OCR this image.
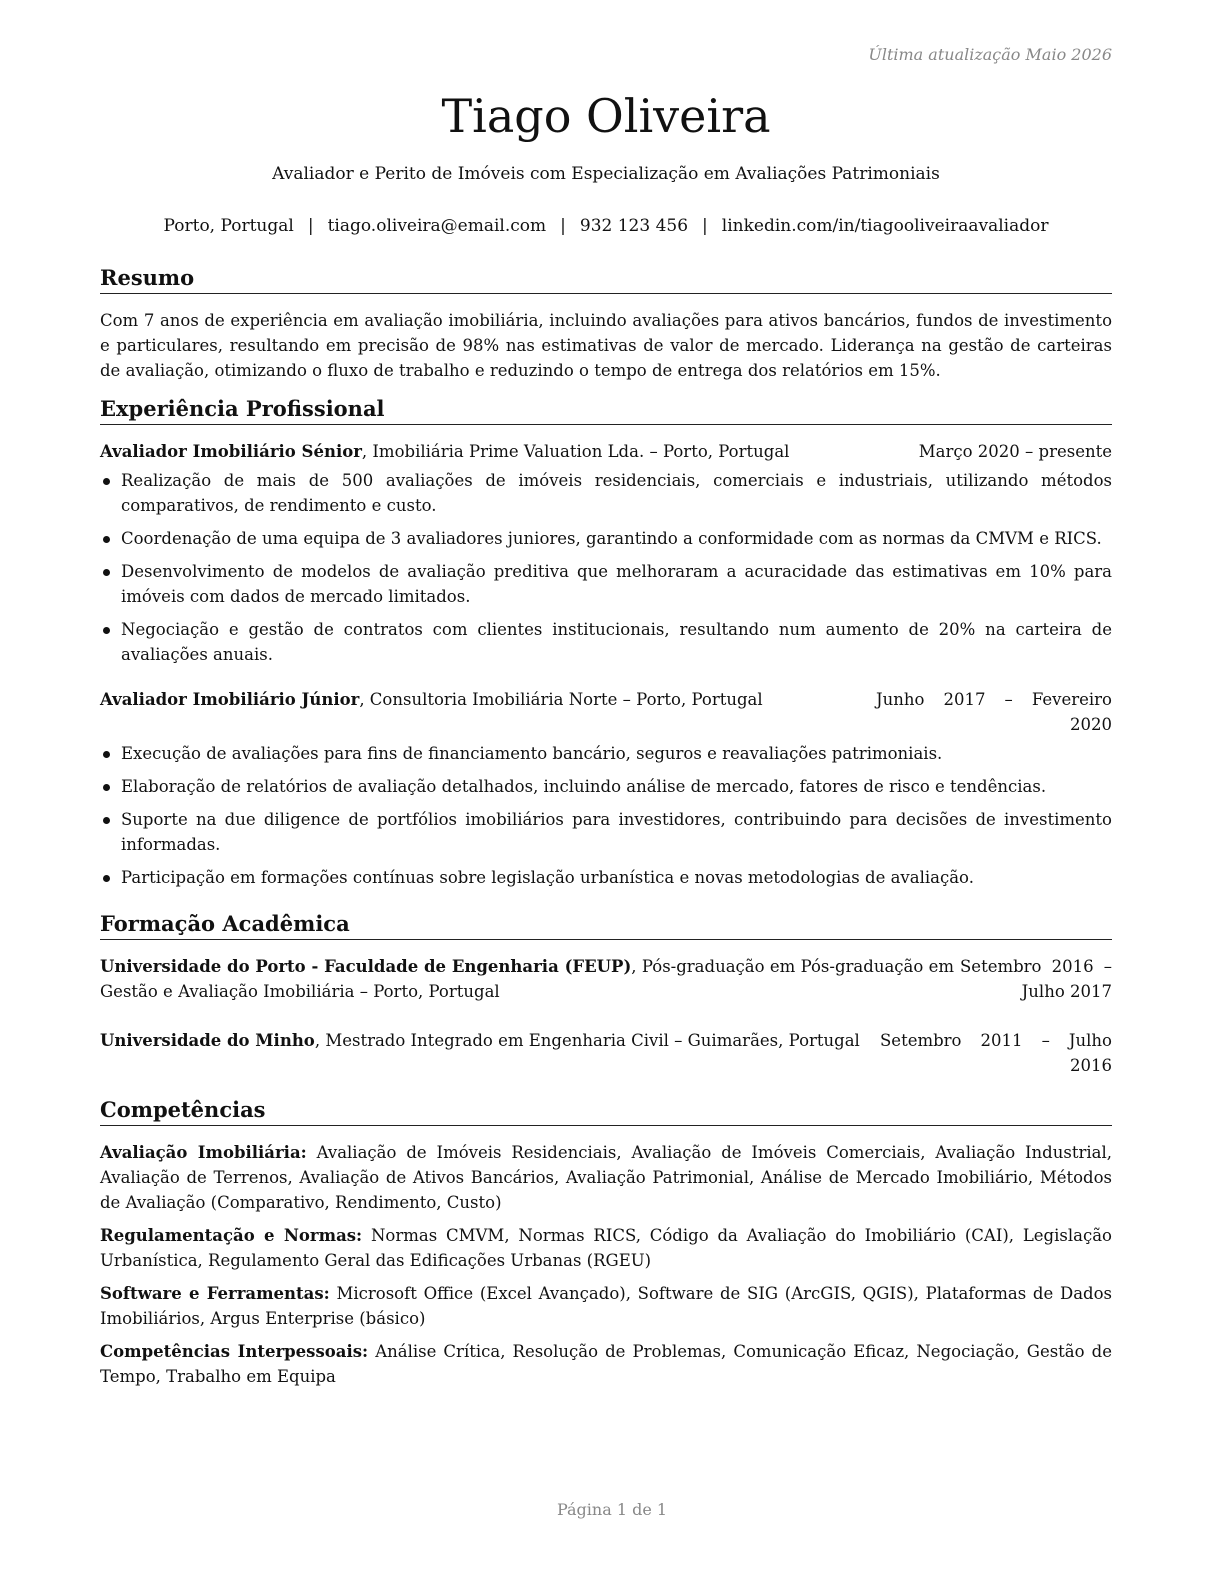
Última atualização Maio 2026
Tiago Oliveira
Avaliador e Perito de Imóveis com Especialização em Avaliações Patrimoniais
Porto, Portugal | tiago.oliveira@email.com | 932 123 456 | linkedin.com/in/tiagooliveiraavaliador
Resumo
Com 7 anos de experiência em avaliação imobiliária, incluindo avaliações para ativos bancários, fundos de investimento e particulares, resultando em precisão de 98% nas estimativas de valor de mercado. Liderança na gestão de carteiras de avaliação, otimizando o fluxo de trabalho e reduzindo o tempo de entrega dos relatórios em 15%.
Experiência Profissional
Avaliador Imobiliário Sénior, Imobiliária Prime Valuation Lda. – Porto, Portugal	Março 2020 – presente
Realização de mais de 500 avaliações de imóveis residenciais, comerciais e industriais, utilizando métodos comparativos, de rendimento e custo.
Coordenação de uma equipa de 3 avaliadores juniores, garantindo a conformidade com as normas da CMVM e RICS.
Desenvolvimento de modelos de avaliação preditiva que melhoraram a acuracidade das estimativas em 10% para imóveis com dados de mercado limitados.
Negociação e gestão de contratos com clientes institucionais, resultando num aumento de 20% na carteira de avaliações anuais.
Avaliador Imobiliário Júnior, Consultoria Imobiliária Norte – Porto, Portugal	Junho 2017 – Fevereiro 2020
Execução de avaliações para fins de financiamento bancário, seguros e reavaliações patrimoniais.
Elaboração de relatórios de avaliação detalhados, incluindo análise de mercado, fatores de risco e tendências.
Suporte na due diligence de portfólios imobiliários para investidores, contribuindo para decisões de investimento informadas.
Participação em formações contínuas sobre legislação urbanística e novas metodologias de avaliação.
Formação Acadêmica
Universidade do Porto - Faculdade de Engenharia (FEUP), Pós-graduação em Pós-graduação em Gestão e Avaliação Imobiliária – Porto, Portugal
Setembro 2016 – Julho 2017
Universidade do Minho, Mestrado Integrado em Engenharia Civil – Guimarães, Portugal	Setembro 2011 – Julho 2016
Competências
Avaliação Imobiliária: Avaliação de Imóveis Residenciais, Avaliação de Imóveis Comerciais, Avaliação Industrial, Avaliação de Terrenos, Avaliação de Ativos Bancários, Avaliação Patrimonial, Análise de Mercado Imobiliário, Métodos de Avaliação (Comparativo, Rendimento, Custo)
Regulamentação e Normas: Normas CMVM, Normas RICS, Código da Avaliação do Imobiliário (CAI), Legislação Urbanística, Regulamento Geral das Edificações Urbanas (RGEU)
Software e Ferramentas: Microsoft Office (Excel Avançado), Software de SIG (ArcGIS, QGIS), Plataformas de Dados Imobiliários, Argus Enterprise (básico)
Competências Interpessoais: Análise Crítica, Resolução de Problemas, Comunicação Eficaz, Negociação, Gestão de Tempo, Trabalho em Equipa
Página 1 de 1
